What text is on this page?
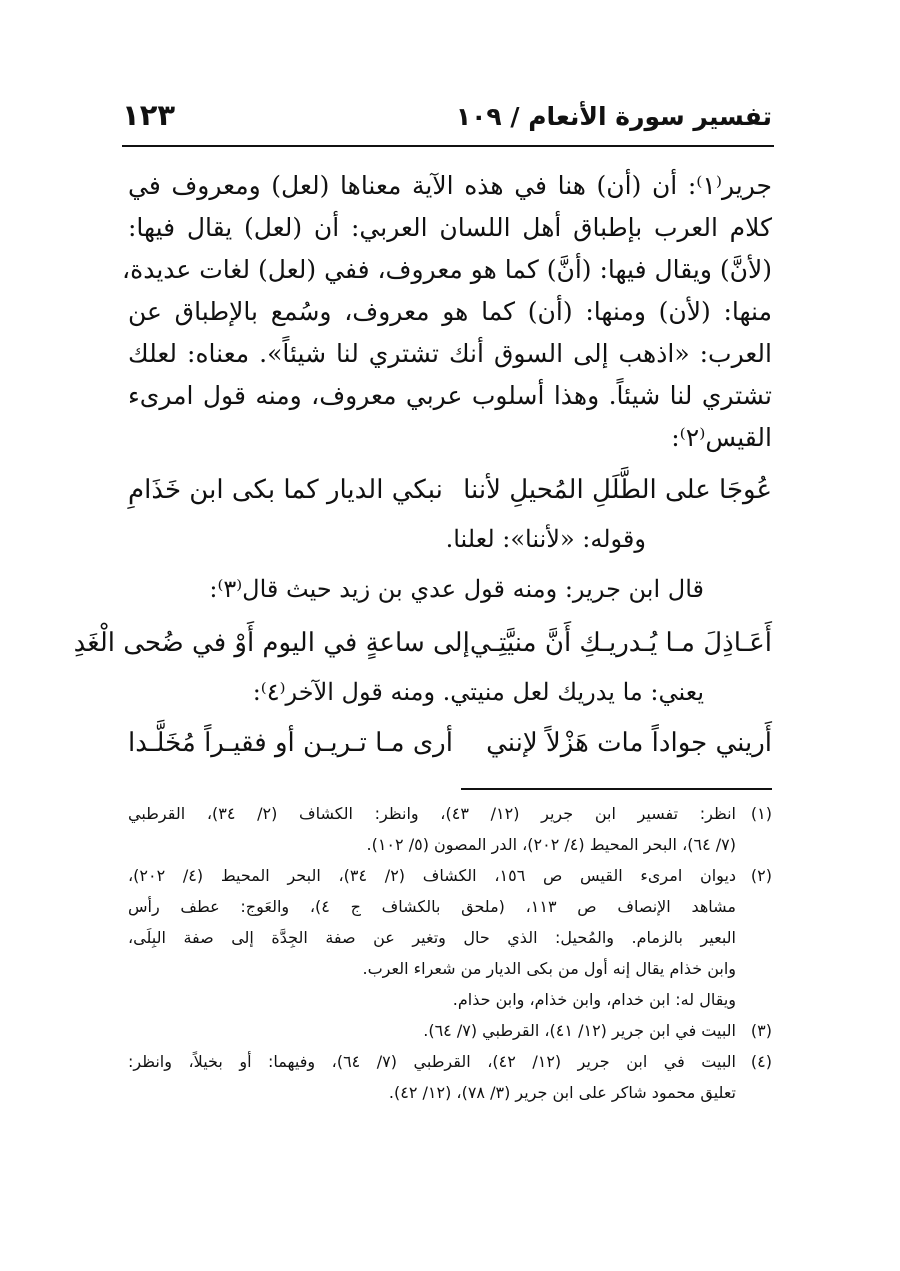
تفسير سورة الأنعام / ١٠٩
١٢٣
جرير⁽١⁾: أن (أن) هنا في هذه الآية معناها (لعل) ومعروف في
كلام العرب بإطباق أهل اللسان العربي: أن (لعل) يقال فيها:
(لأنَّ) ويقال فيها: (أنَّ) كما هو معروف، ففي (لعل) لغات عديدة،
منها: (لأن) ومنها: (أن) كما هو معروف، وسُمع بالإطباق عن
العرب: «اذهب إلى السوق أنك تشتري لنا شيئاً». معناه: لعلك
تشتري لنا شيئاً. وهذا أسلوب عربي معروف، ومنه قول امرىء
القيس⁽٢⁾:
عُوجَا على الطَّلَلِ المُحيلِ لأننا
نبكي الديار كما بكى ابن خَذَامِ
وقوله: «لأننا»: لعلنا.
قال ابن جرير: ومنه قول عدي بن زيد حيث قال⁽٣⁾:
أَعَـاذِلَ مـا يُـدريـكِ أَنَّ منيَّتِـي
إلى ساعةٍ في اليوم أَوْ في ضُحى الْغَدِ
يعني: ما يدريك لعل منيتي. ومنه قول الآخر⁽٤⁾:
أَريني جواداً مات هَزْلاً لإنني
أرى مـا تـريـن أو فقيـراً مُخَلَّـدا
(١)
انظر: تفسير ابن جرير (١٢/ ٤٣)، وانظر: الكشاف (٢/ ٣٤)، القرطبي
(٧/ ٦٤)، البحر المحيط (٤/ ٢٠٢)، الدر المصون (٥/ ١٠٢).
(٢)
ديوان امرىء القيس ص ١٥٦، الكشاف (٢/ ٣٤)، البحر المحيط (٤/ ٢٠٢)،
مشاهد الإنصاف ص ١١٣، (ملحق بالكشاف ج ٤)، والعَوج: عطف رأس
البعير بالزمام. والمُحيل: الذي حال وتغير عن صفة الجِدَّة إلى صفة البِلَى،
وابن خذام يقال إنه أول من بكى الديار من شعراء العرب.
ويقال له: ابن خدام، وابن خذام، وابن حذام.
(٣)
البيت في ابن جرير (١٢/ ٤١)، القرطبي (٧/ ٦٤).
(٤)
البيت في ابن جرير (١٢/ ٤٢)، القرطبي (٧/ ٦٤)، وفيهما: أو بخيلاً، وانظر:
تعليق محمود شاكر على ابن جرير (٣/ ٧٨)، (١٢/ ٤٢).
